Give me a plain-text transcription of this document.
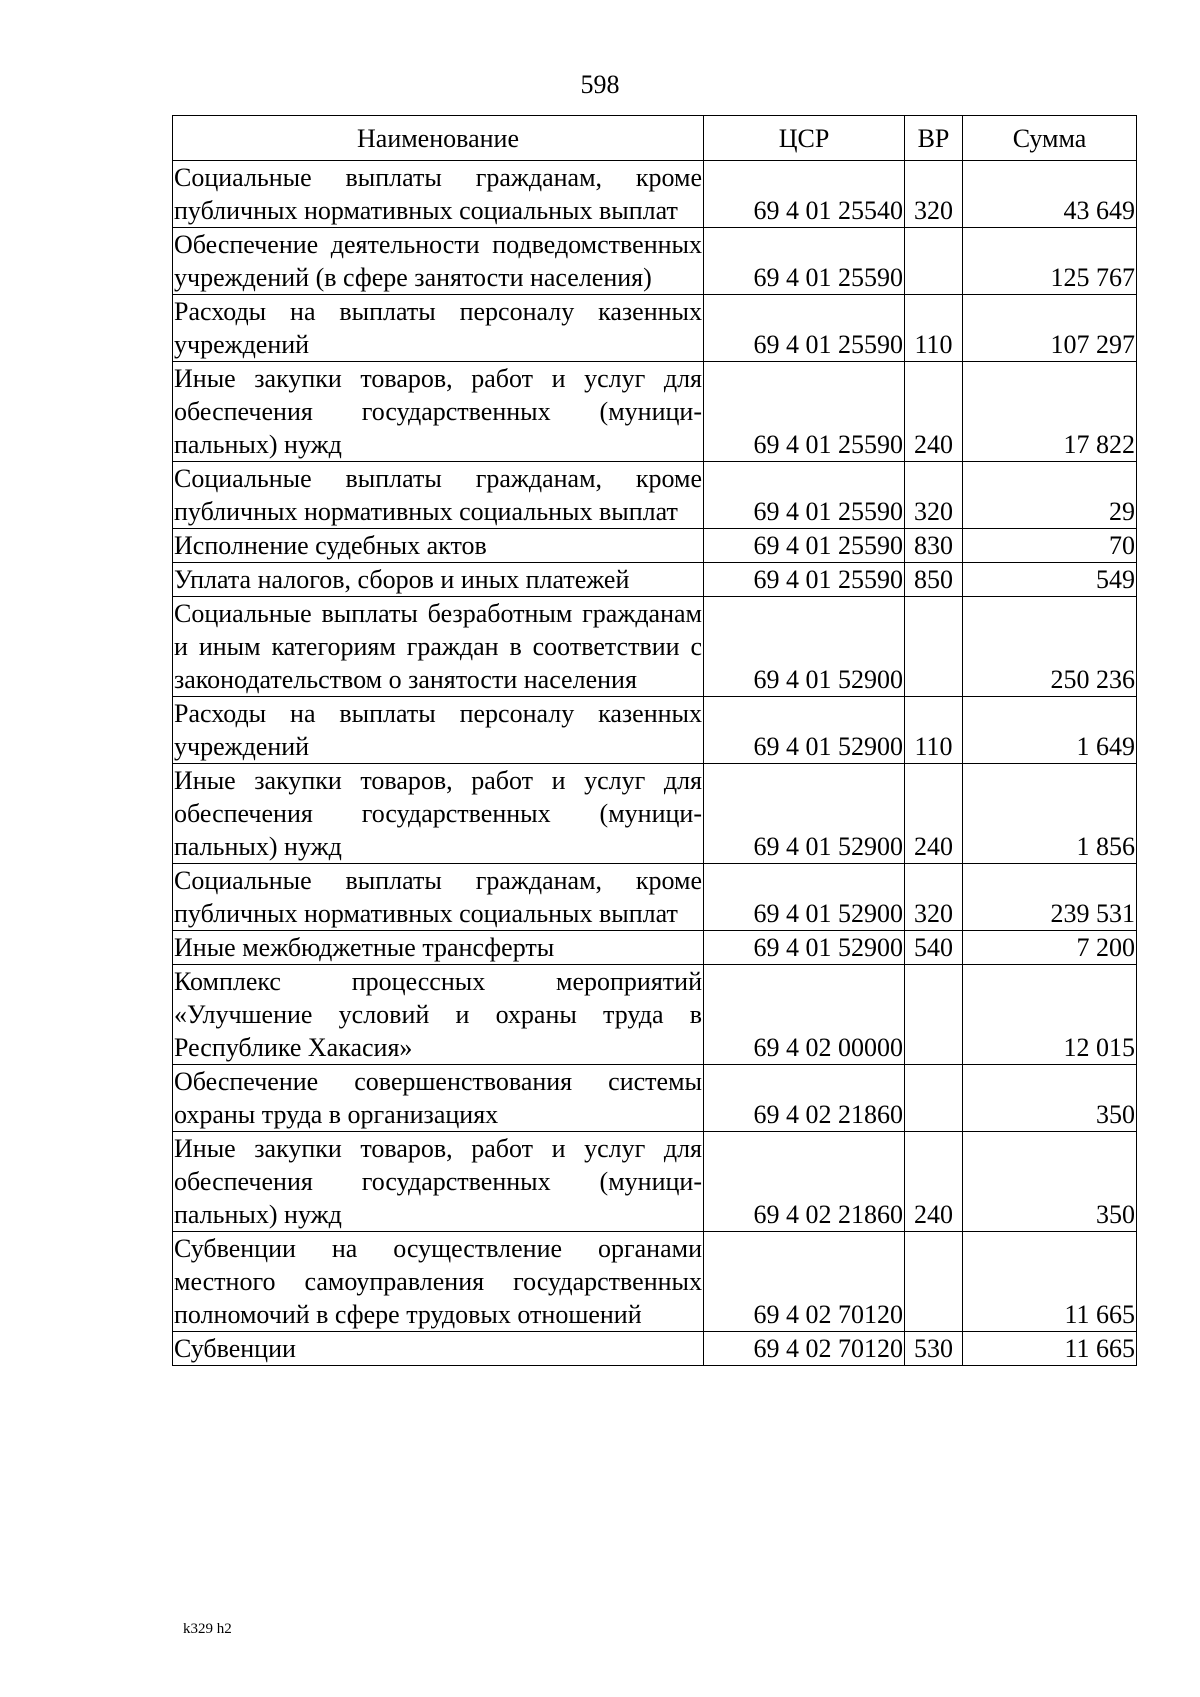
598
Наименование	ЦСР	ВР	Сумма
Социальные выплаты гражданам, кроме публичных нормативных социальных выплат	69 4 01 25540	320	43 649
Обеспечение деятельности подведомственных учреждений (в сфере занятости населения)	69 4 01 25590		125 767
Расходы на выплаты персоналу казенных учреждений	69 4 01 25590	110	107 297
Иные закупки товаров, работ и услуг для обеспечения государственных (муниципальных) нужд	69 4 01 25590	240	17 822
Социальные выплаты гражданам, кроме публичных нормативных социальных выплат	69 4 01 25590	320	29
Исполнение судебных актов	69 4 01 25590	830	70
Уплата налогов, сборов и иных платежей	69 4 01 25590	850	549
Социальные выплаты безработным гражданам и иным категориям граждан в соответствии с законодательством о занятости населения	69 4 01 52900		250 236
Расходы на выплаты персоналу казенных учреждений	69 4 01 52900	110	1 649
Иные закупки товаров, работ и услуг для обеспечения государственных (муниципальных) нужд	69 4 01 52900	240	1 856
Социальные выплаты гражданам, кроме публичных нормативных социальных выплат	69 4 01 52900	320	239 531
Иные межбюджетные трансферты	69 4 01 52900	540	7 200
Комплекс процессных мероприятий «Улучшение условий и охраны труда в Республике Хакасия»	69 4 02 00000		12 015
Обеспечение совершенствования системы охраны труда в организациях	69 4 02 21860		350
Иные закупки товаров, работ и услуг для обеспечения государственных (муниципальных) нужд	69 4 02 21860	240	350
Субвенции на осуществление органами местного самоуправления государственных полномочий в сфере трудовых отношений	69 4 02 70120		11 665
Субвенции	69 4 02 70120	530	11 665
k329 h2
